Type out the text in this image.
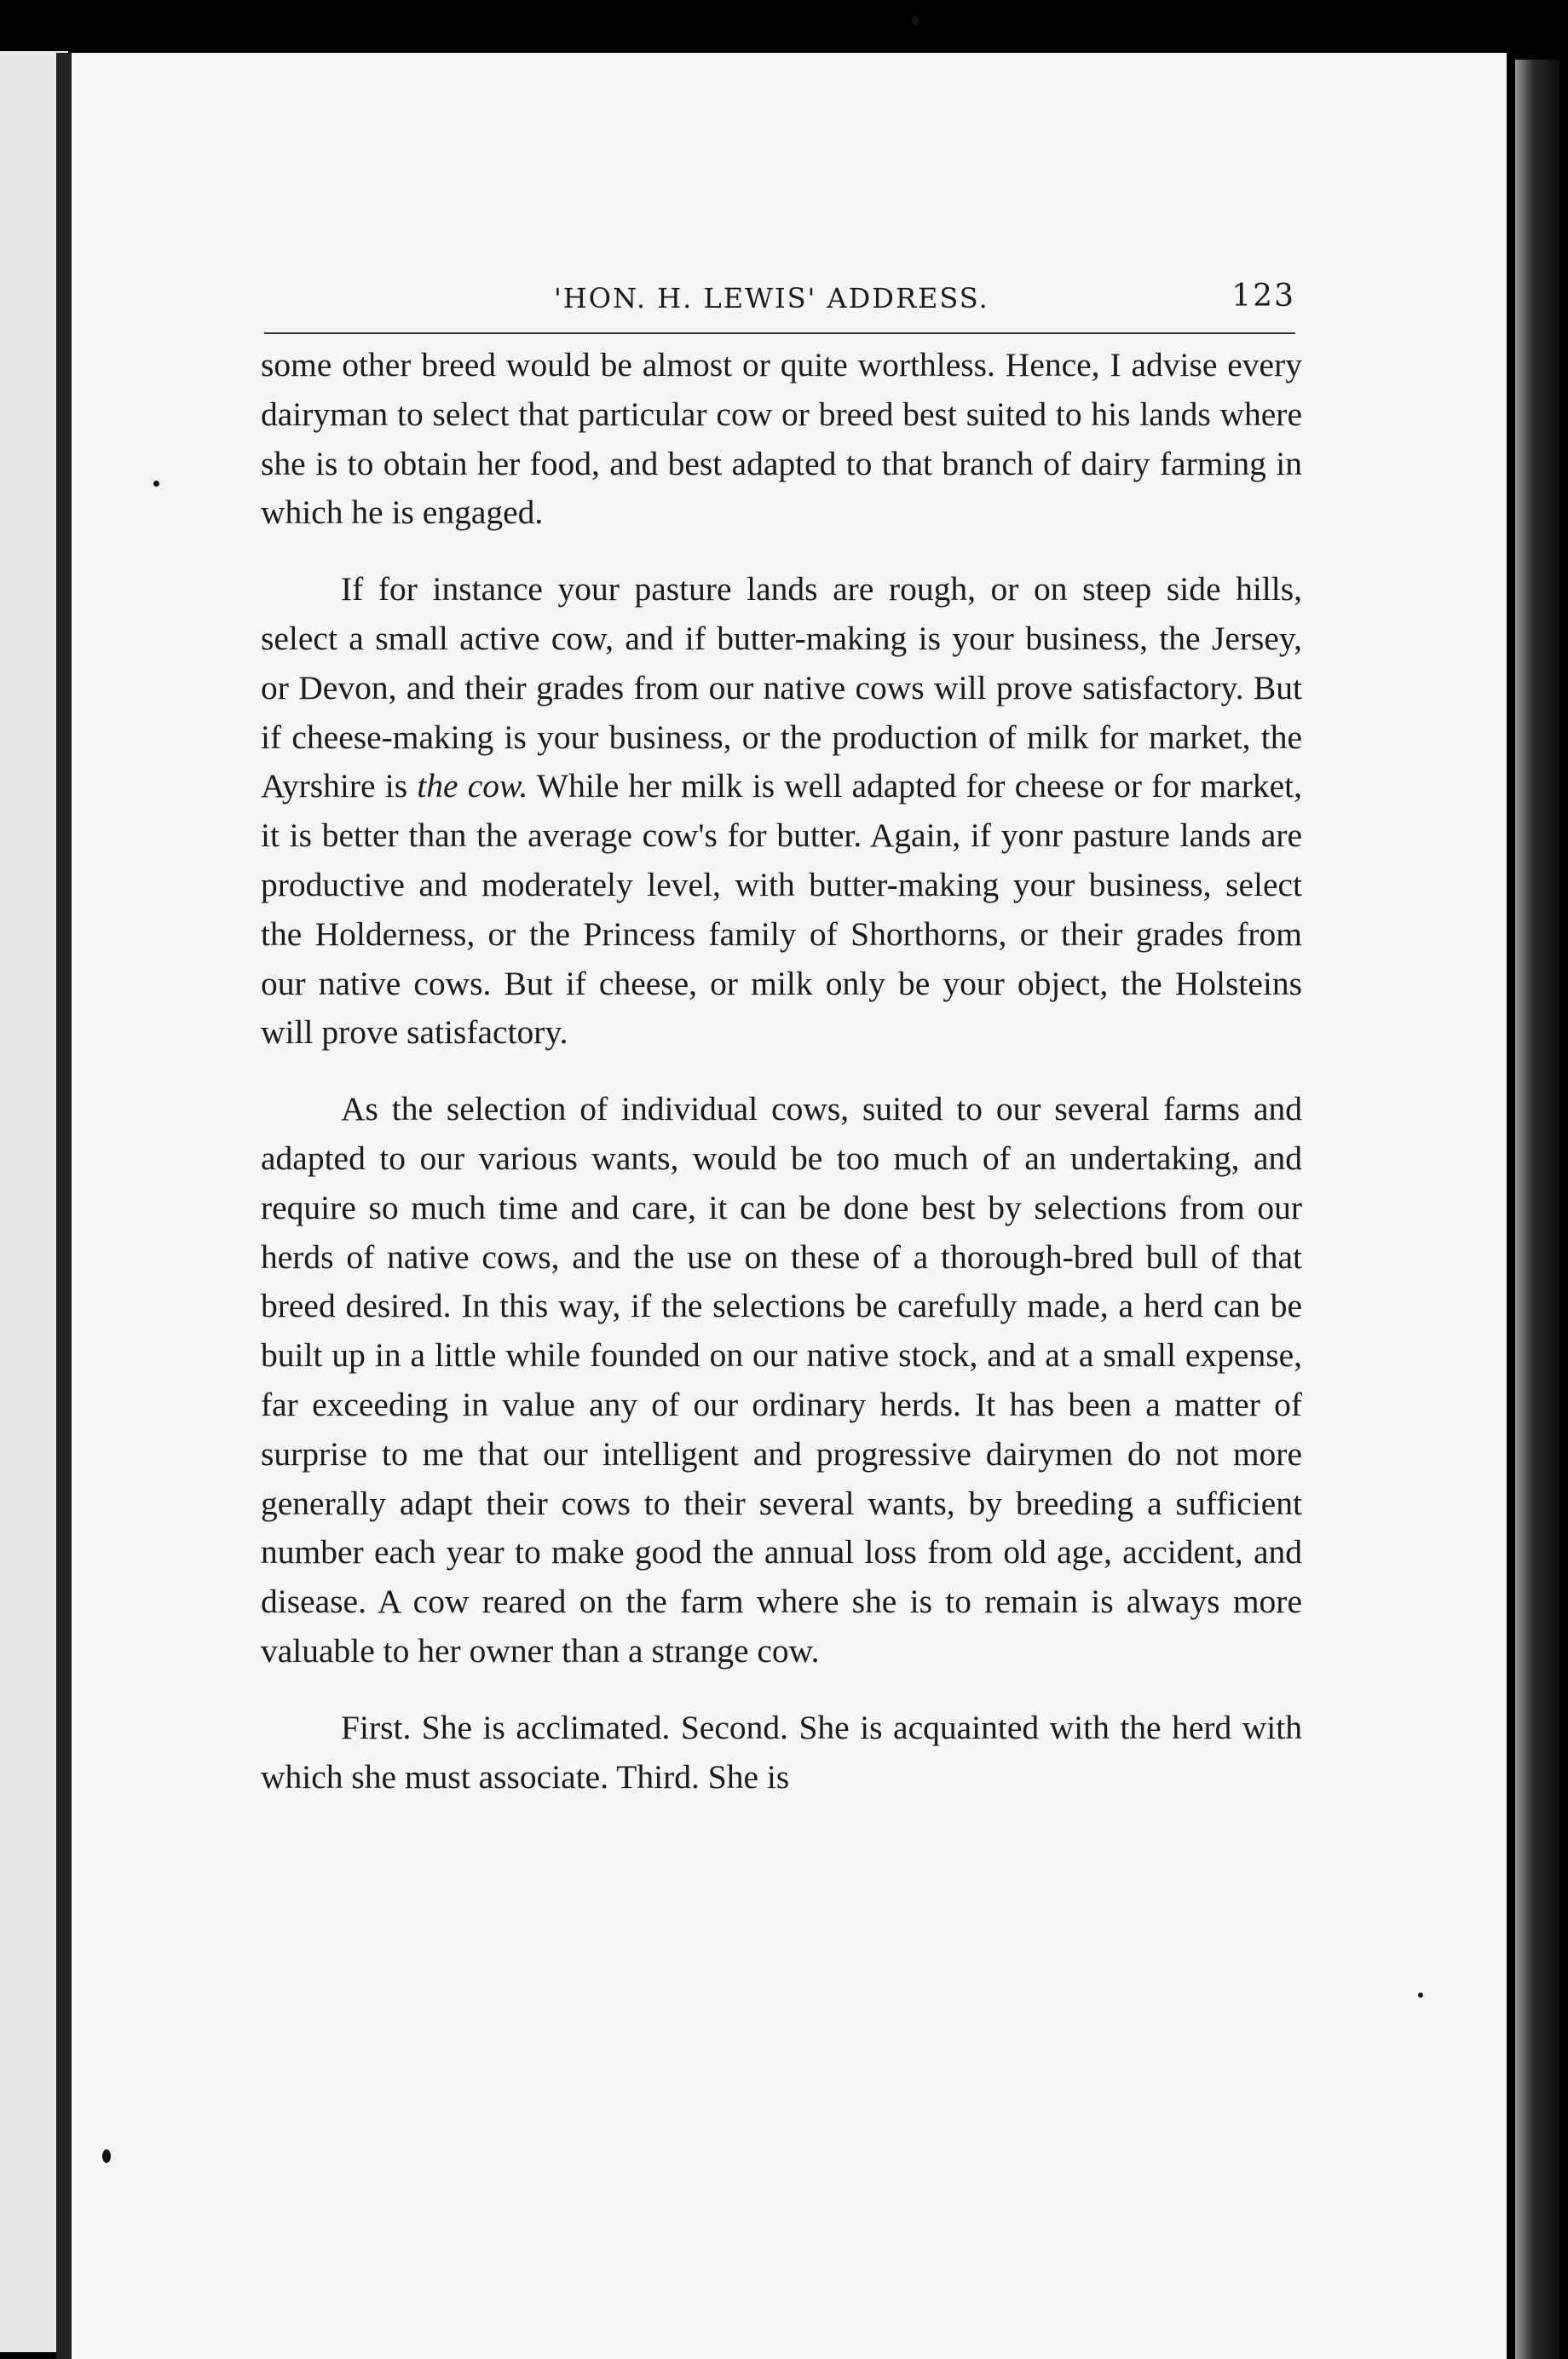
'HON. H. LEWIS' ADDRESS.	123

some other breed would be almost or quite worthless. Hence, I advise every dairyman to select that particular cow or breed best suited to his lands where she is to obtain her food, and best adapted to that branch of dairy farming in which he is engaged.

If for instance your pasture lands are rough, or on steep side hills, select a small active cow, and if butter-making is your business, the Jersey, or Devon, and their grades from our native cows will prove satisfactory. But if cheese-making is your business, or the production of milk for market, the Ayrshire is the cow. While her milk is well adapted for cheese or for market, it is better than the average cow's for butter. Again, if yonr pasture lands are productive and moderately level, with butter-making your business, select the Holderness, or the Princess family of Shorthorns, or their grades from our native cows. But if cheese, or milk only be your object, the Holsteins will prove satisfactory.

As the selection of individual cows, suited to our several farms and adapted to our various wants, would be too much of an undertaking, and require so much time and care, it can be done best by selections from our herds of native cows, and the use on these of a thorough-bred bull of that breed desired. In this way, if the selections be carefully made, a herd can be built up in a little while founded on our native stock, and at a small expense, far exceeding in value any of our ordinary herds. It has been a matter of surprise to me that our intelligent and progressive dairymen do not more generally adapt their cows to their several wants, by breeding a sufficient number each year to make good the annual loss from old age, accident, and disease. A cow reared on the farm where she is to remain is always more valuable to her owner than a strange cow.

First. She is acclimated. Second. She is acquainted with the herd with which she must associate. Third. She is
